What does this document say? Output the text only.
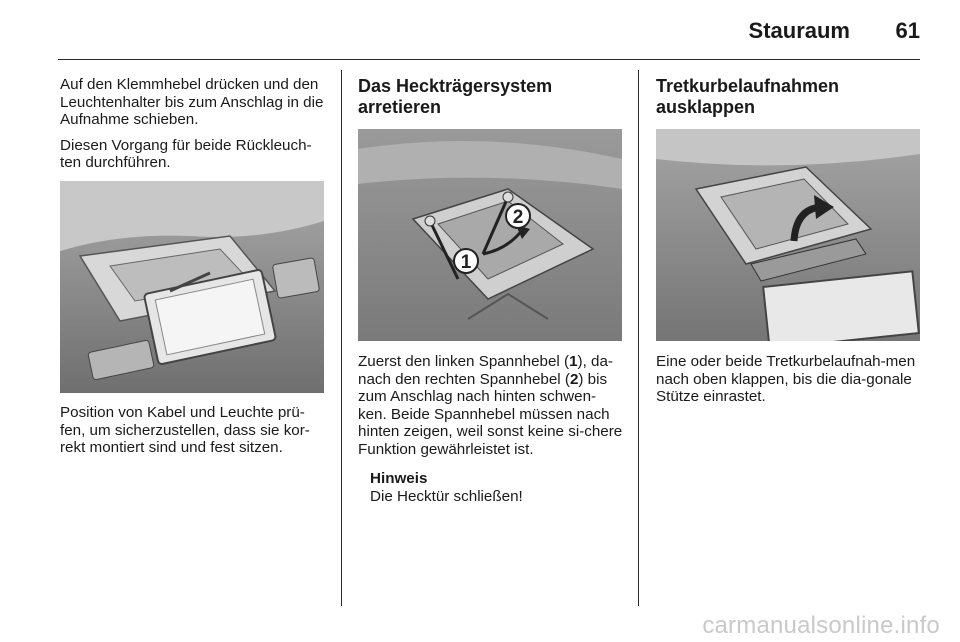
Stauraum	61

Auf den Klemmhebel drücken und den Leuchtenhalter bis zum Anschlag in die Aufnahme schieben.

Diesen Vorgang für beide Rückleuch-ten durchführen.

Position von Kabel und Leuchte prü-fen, um sicherzustellen, dass sie kor-rekt montiert sind und fest sitzen.

Das Heckträgersystem arretieren
1
2

Zuerst den linken Spannhebel (1), da-nach den rechten Spannhebel (2) bis zum Anschlag nach hinten schwen-ken. Beide Spannhebel müssen nach hinten zeigen, weil sonst keine si-chere Funktion gewährleistet ist.

Hinweis
Die Hecktür schließen!
Tretkurbelaufnahmen ausklappen

Eine oder beide Tretkurbelaufnah-men nach oben klappen, bis die dia-gonale Stütze einrastet.

carmanualsonline.info
